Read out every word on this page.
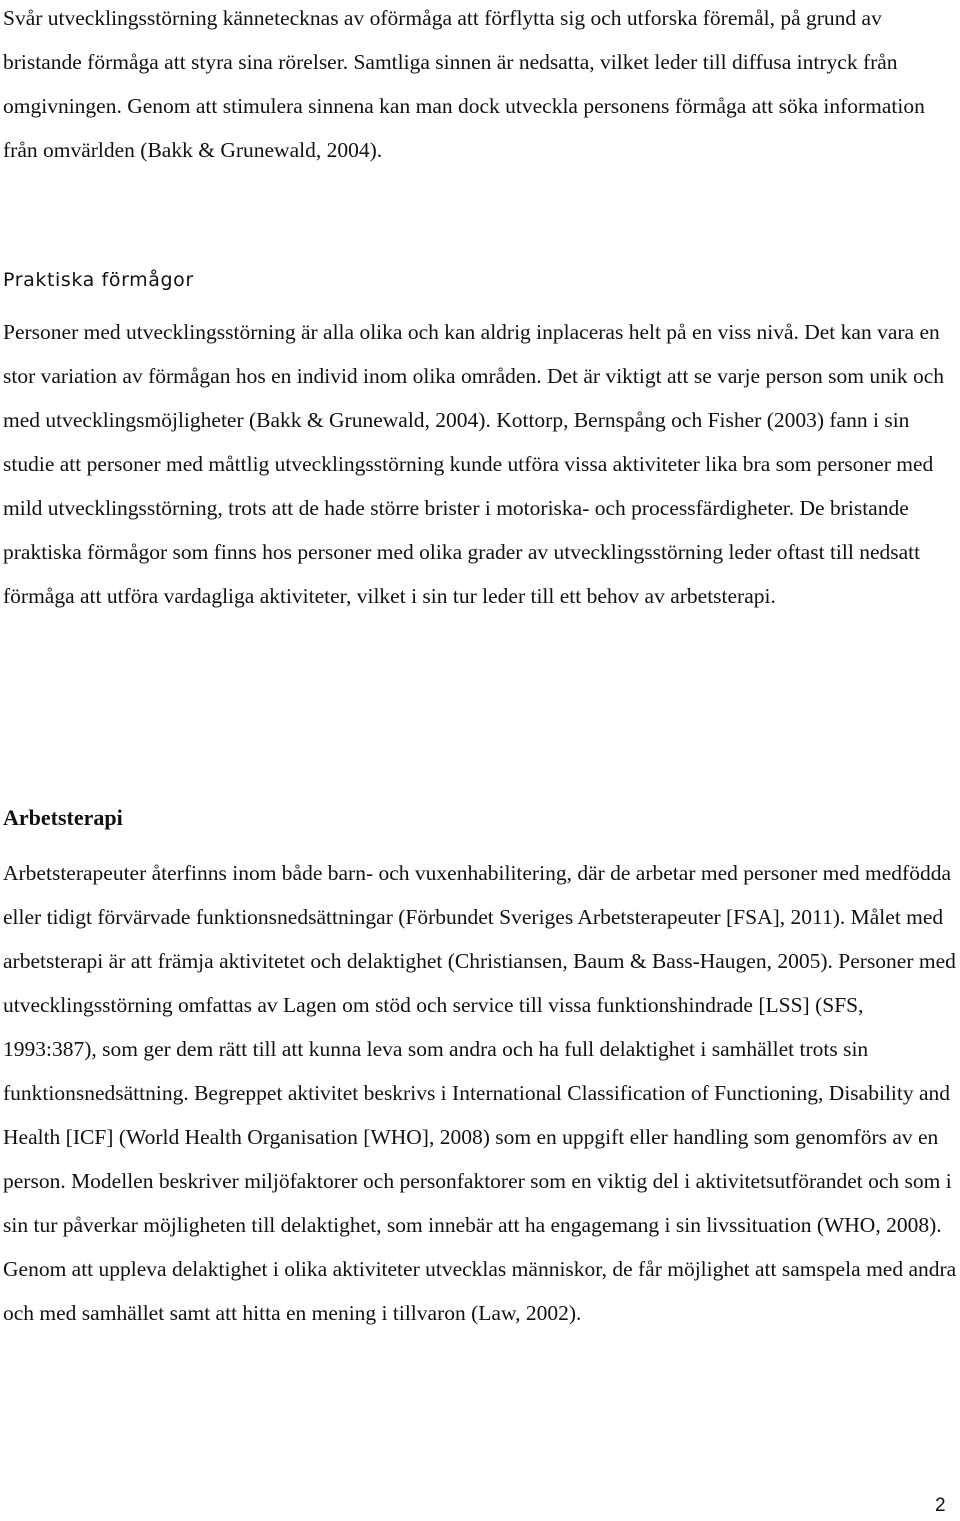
Svår utvecklingsstörning kännetecknas av oförmåga att förflytta sig och utforska föremål, på grund av bristande förmåga att styra sina rörelser. Samtliga sinnen är nedsatta, vilket leder till diffusa intryck från omgivningen. Genom att stimulera sinnena kan man dock utveckla personens förmåga att söka information från omvärlden (Bakk & Grunewald, 2004).

Praktiska förmågor

Personer med utvecklingsstörning är alla olika och kan aldrig inplaceras helt på en viss nivå. Det kan vara en stor variation av förmågan hos en individ inom olika områden. Det är viktigt att se varje person som unik och med utvecklingsmöjligheter (Bakk & Grunewald, 2004). Kottorp, Bernspång och Fisher (2003) fann i sin studie att personer med måttlig utvecklingsstörning kunde utföra vissa aktiviteter lika bra som personer med mild utvecklingsstörning, trots att de hade större brister i motoriska- och processfärdigheter. De bristande praktiska förmågor som finns hos personer med olika grader av utvecklingsstörning leder oftast till nedsatt förmåga att utföra vardagliga aktiviteter, vilket i sin tur leder till ett behov av arbetsterapi.

Arbetsterapi

Arbetsterapeuter återfinns inom både barn- och vuxenhabilitering, där de arbetar med personer med medfödda eller tidigt förvärvade funktionsnedsättningar (Förbundet Sveriges Arbetsterapeuter [FSA], 2011). Målet med arbetsterapi är att främja aktivitetet och delaktighet (Christiansen, Baum & Bass-Haugen, 2005). Personer med utvecklingsstörning omfattas av Lagen om stöd och service till vissa funktionshindrade [LSS] (SFS, 1993:387), som ger dem rätt till att kunna leva som andra och ha full delaktighet i samhället trots sin funktionsnedsättning. Begreppet aktivitet beskrivs i International Classification of Functioning, Disability and Health [ICF] (World Health Organisation [WHO], 2008) som en uppgift eller handling som genomförs av en person. Modellen beskriver miljöfaktorer och personfaktorer som en viktig del i aktivitetsutförandet och som i sin tur påverkar möjligheten till delaktighet, som innebär att ha engagemang i sin livssituation (WHO, 2008). Genom att uppleva delaktighet i olika aktiviteter utvecklas människor, de får möjlighet att samspela med andra och med samhället samt att hitta en mening i tillvaron (Law, 2002).

2
